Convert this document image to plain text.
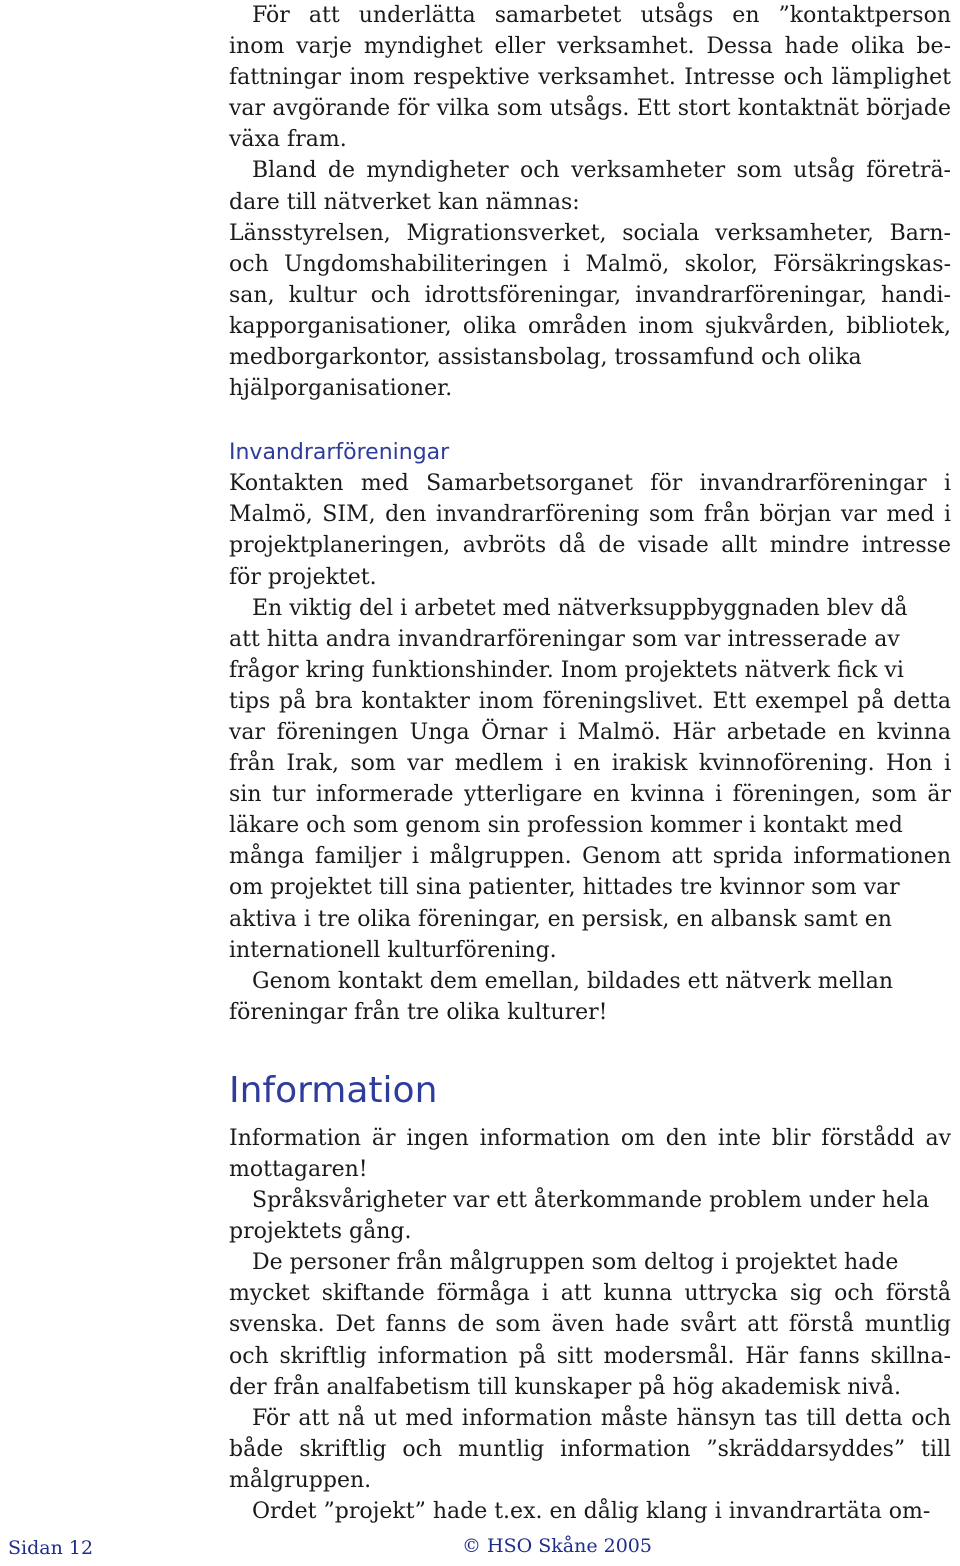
För att underlätta samarbetet utsågs en ”kontaktperson
inom varje myndighet eller verksamhet. Dessa hade olika be-
fattningar inom respektive verksamhet. Intresse och lämplighet
var avgörande för vilka som utsågs. Ett stort kontaktnät började
växa fram.
Bland de myndigheter och verksamheter som utsåg företrä-
dare till nätverket kan nämnas:
Länsstyrelsen, Migrationsverket, sociala verksamheter, Barn-
och Ungdomshabiliteringen i Malmö, skolor, Försäkringskas-
san, kultur och idrottsföreningar, invandrarföreningar, handi-
kapporganisationer, olika områden inom sjukvården, bibliotek,
medborgarkontor, assistansbolag, trossamfund och olika
hjälporganisationer.
Invandrarföreningar
Kontakten med Samarbetsorganet för invandrarföreningar i
Malmö, SIM, den invandrarförening som från början var med i
projektplaneringen, avbröts då de visade allt mindre intresse
för projektet.
En viktig del i arbetet med nätverksuppbyggnaden blev då
att hitta andra invandrarföreningar som var intresserade av
frågor kring funktionshinder. Inom projektets nätverk fick vi
tips på bra kontakter inom föreningslivet. Ett exempel på detta
var föreningen Unga Örnar i Malmö. Här arbetade en kvinna
från Irak, som var medlem i en irakisk kvinnoförening. Hon i
sin tur informerade ytterligare en kvinna i föreningen, som är
läkare och som genom sin profession kommer i kontakt med
många familjer i målgruppen. Genom att sprida informationen
om projektet till sina patienter, hittades tre kvinnor som var
aktiva i tre olika föreningar, en persisk, en albansk samt en
internationell kulturförening.
Genom kontakt dem emellan, bildades ett nätverk mellan
föreningar från tre olika kulturer!
Information
Information är ingen information om den inte blir förstådd av
mottagaren!
Språksvårigheter var ett återkommande problem under hela
projektets gång.
De personer från målgruppen som deltog i projektet hade
mycket skiftande förmåga i att kunna uttrycka sig och förstå
svenska. Det fanns de som även hade svårt att förstå muntlig
och skriftlig information på sitt modersmål. Här fanns skillna-
der från analfabetism till kunskaper på hög akademisk nivå.
För att nå ut med information måste hänsyn tas till detta och
både skriftlig och muntlig information ”skräddarsyddes” till
målgruppen.
Ordet ”projekt” hade t.ex. en dålig klang i invandrartäta om-
Sidan 12	© HSO Skåne 2005
